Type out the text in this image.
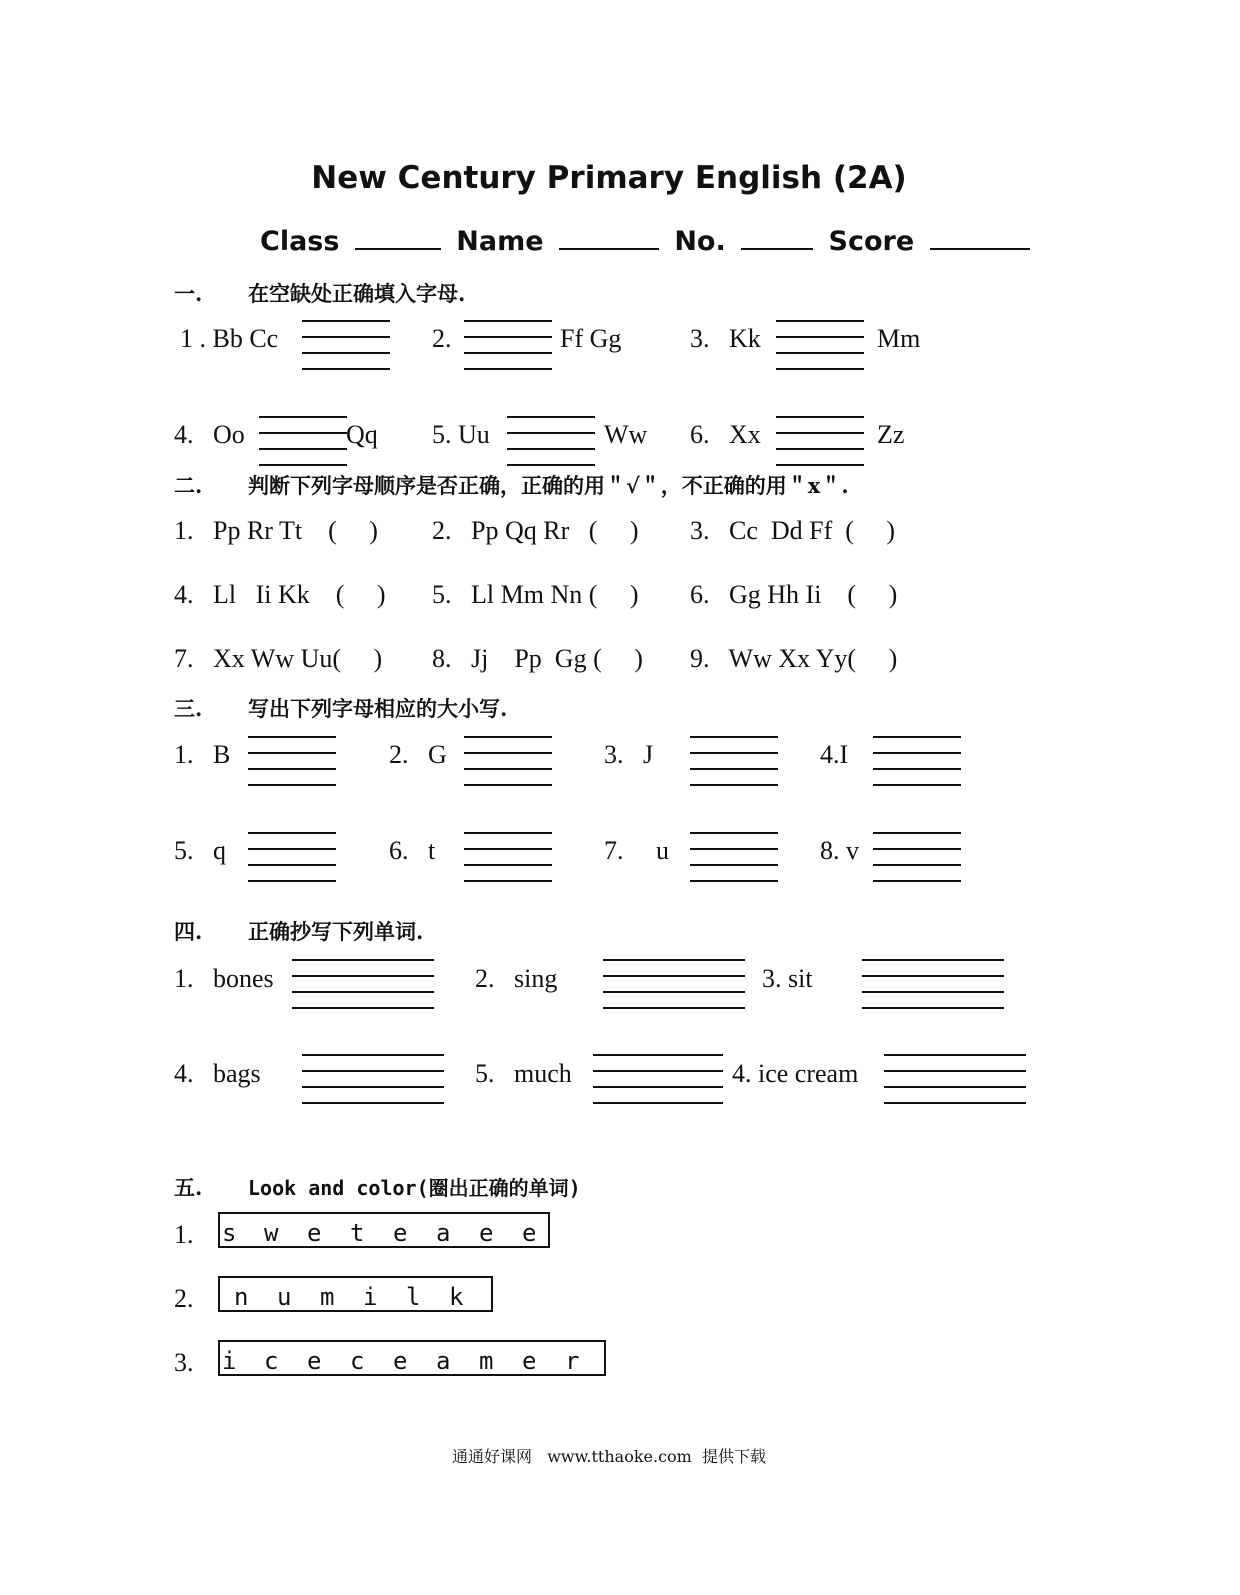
New Century Primary English (2A)
Class	Name	No.	Score
一. 在空缺处正确填入字母.
1 . Bb Cc	2.	Ff Gg	3.   Kk	Mm
4.   Oo	Qq 5. Uu	Ww 6.   Xx	Zz
二. 判断下列字母顺序是否正确，正确的用＂√＂，不正确的用＂x＂.
1.   Pp Rr Tt    (     ) 2.   Pp Qq Rr   (     ) 3.   Cc  Dd Ff  (     )
4.   Ll   Ii Kk    (     ) 5.   Ll Mm Nn (     ) 6.   Gg Hh Ii    (     )
7.   Xx Ww Uu(     ) 8.   Jj    Pp  Gg (     ) 9.   Ww Xx Yy(     )
三. 写出下列字母相应的大小写.
1.   B	2.   G	3.   J	4.I
5.   q	6.   t	7.     u	8. v
四. 正确抄写下列单词.
1.   bones	2.   sing	3. sit
4.   bags	5.   much	4. ice cream
五. Look and color(圈出正确的单词)
1. s w e t e a e e
2. n u m i l k
3. i c e c e a m e r
通通好课网   www.tthaoke.com  提供下载
